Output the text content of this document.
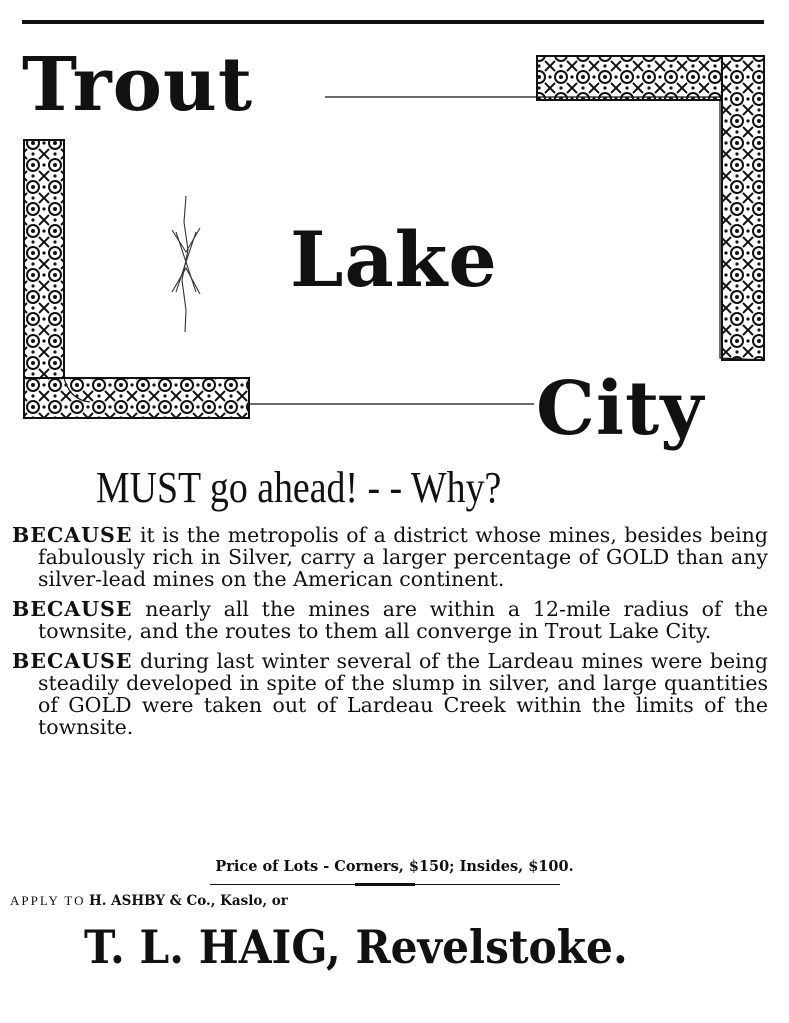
Trout
Lake
City
MUST go ahead! - - Why?

BECAUSE it is the metropolis of a district whose mines, besides being fabulously rich in Silver, carry a larger percentage of GOLD than any silver-lead mines on the American continent.

BECAUSE nearly all the mines are within a 12-mile radius of the townsite, and the routes to them all converge in Trout Lake City.

BECAUSE during last winter several of the Lardeau mines were being steadily developed in spite of the slump in silver, and large quantities of GOLD were taken out of Lardeau Creek within the limits of the townsite.

Price of Lots - Corners, $150; Insides, $100.
APPLY TO H. ASHBY & Co., Kaslo, or
T. L. HAIG, Revelstoke.
